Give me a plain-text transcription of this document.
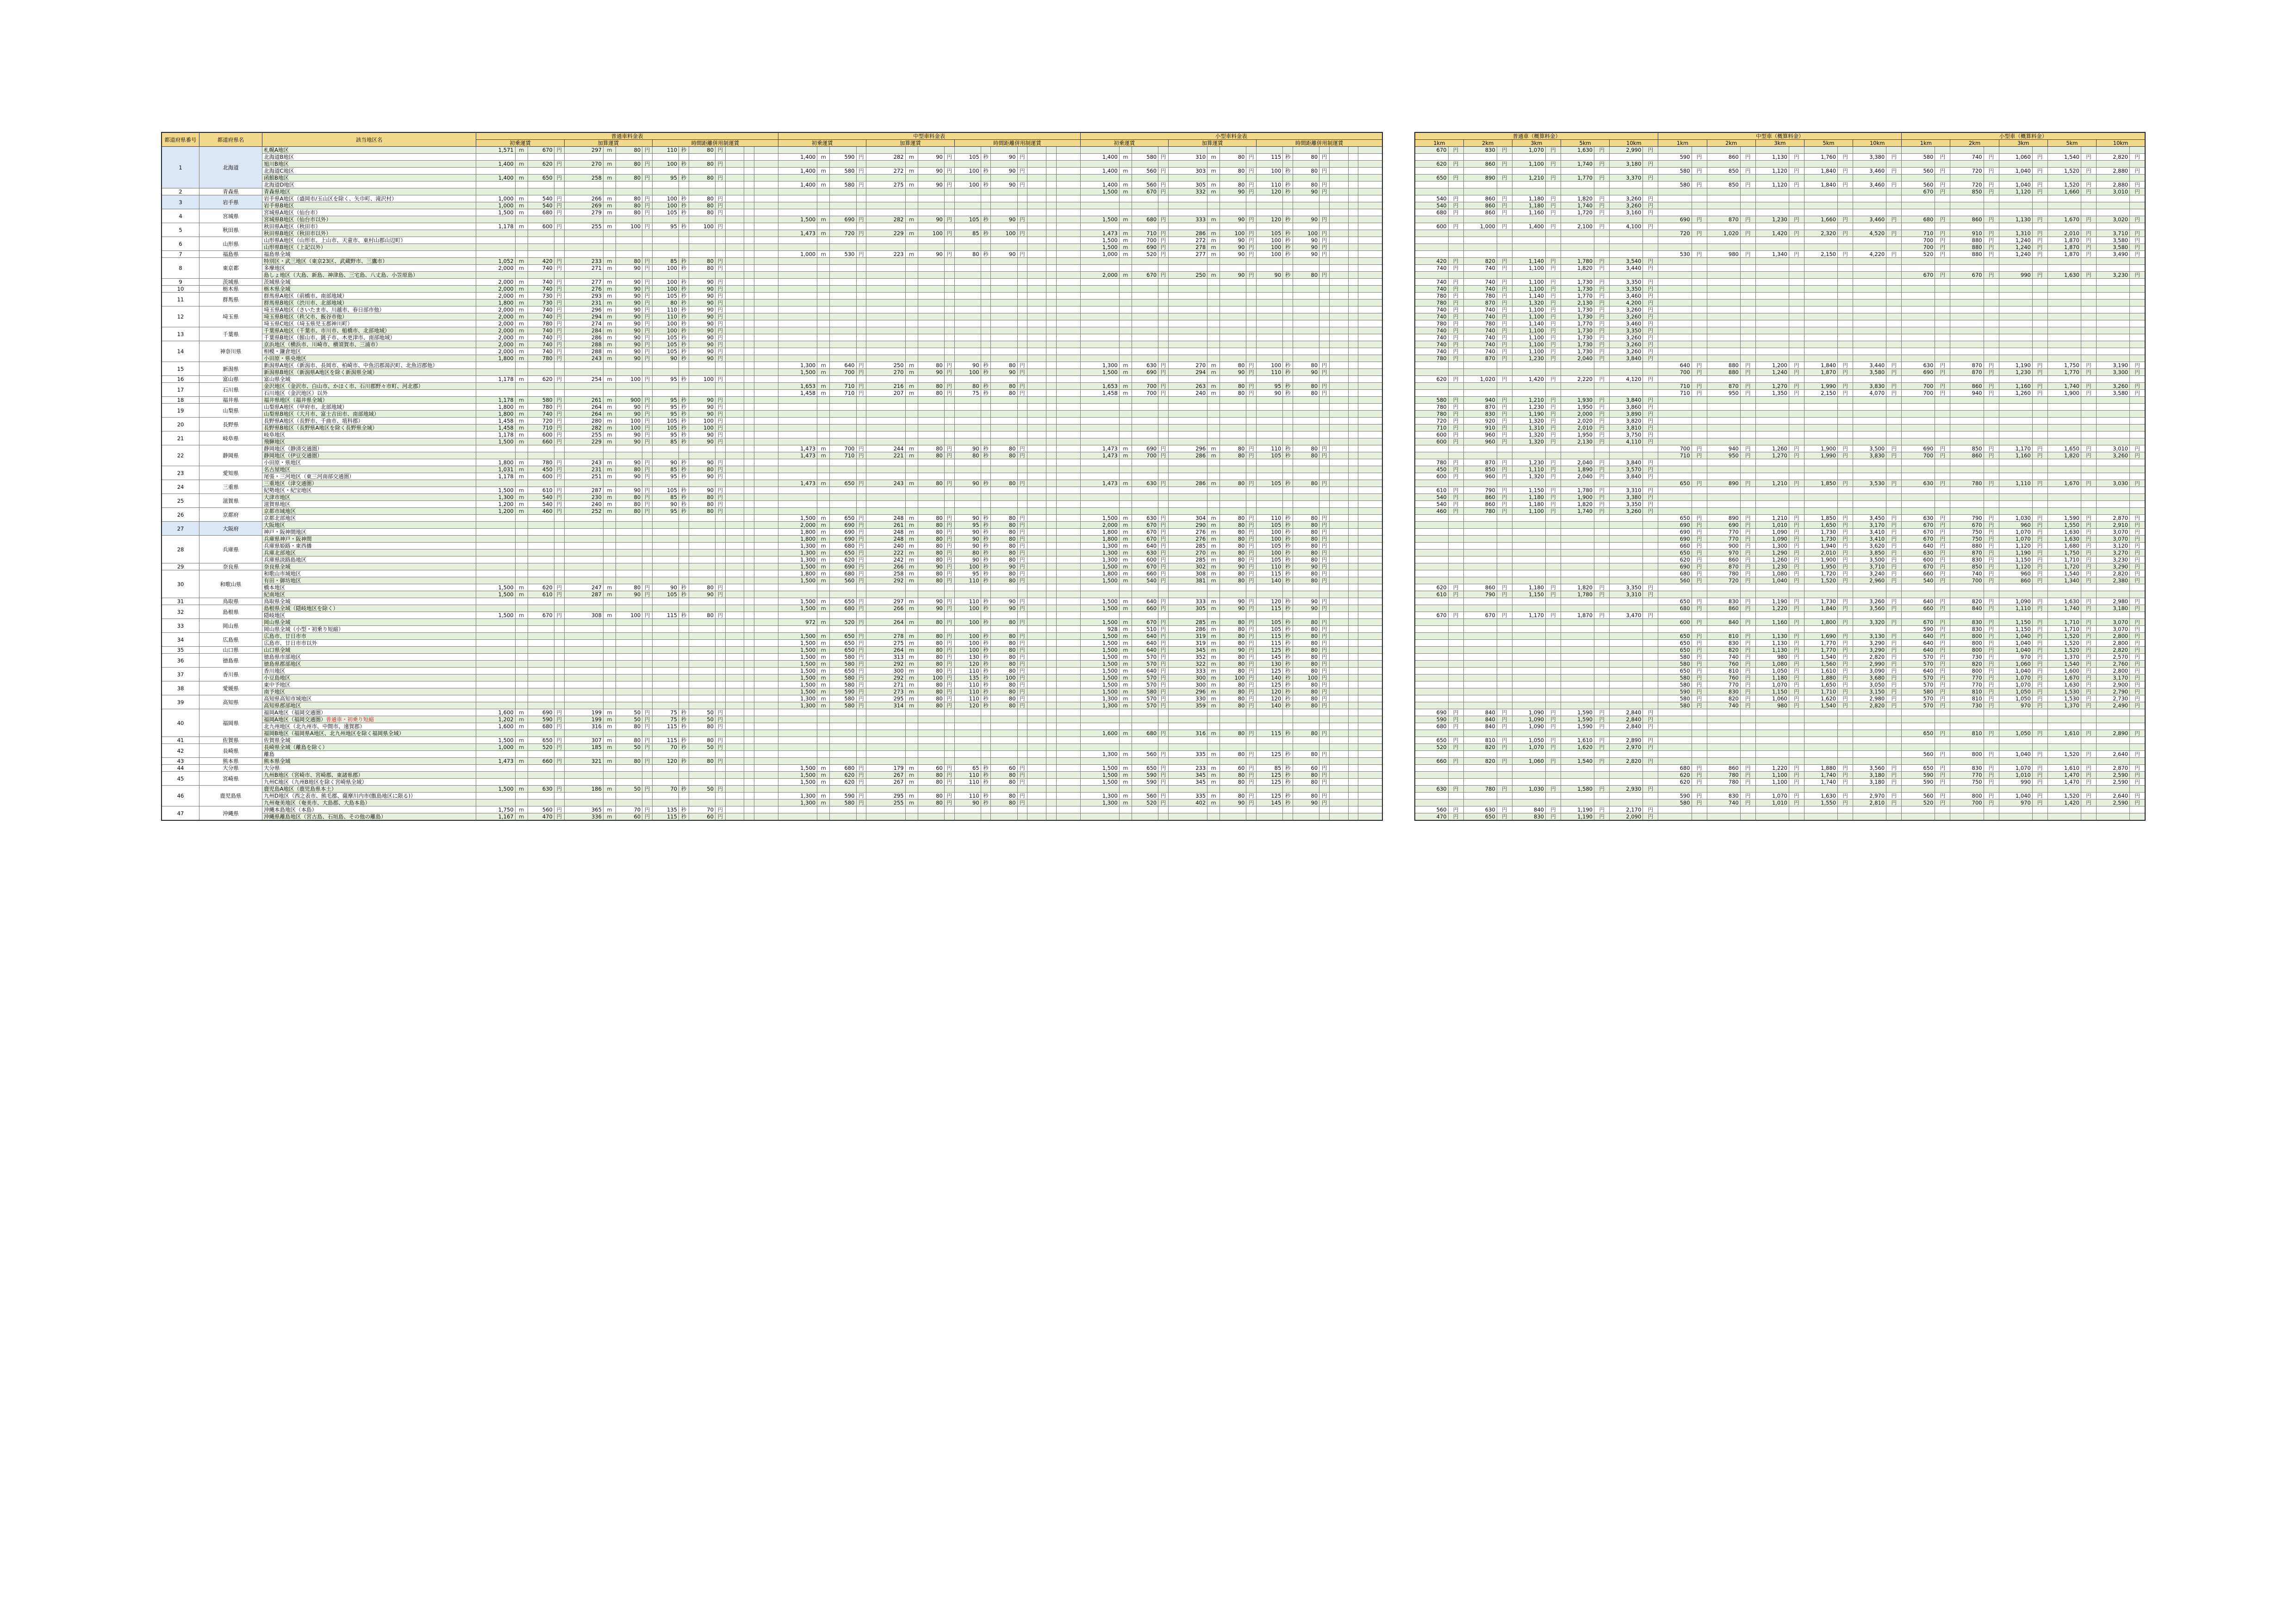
都道府県番号	都道府県名	該当地区名	普通車料金表															中型車料金表															小型車料金表														
			初乗運賃				加算運賃				時間距離併用制運賃							初乗運賃				加算運賃				時間距離併用制運賃							初乗運賃				加算運賃				時間距離併用制運賃						
1	北海道	札幌A地区	1,571	m	670	円	297	m	80	円	110	秒	80	円																																	
		北海道B地区																1,400	m	590	円	282	m	90	円	105	秒	90	円				1,400	m	580	円	310	m	80	円	115	秒	80	円			
		旭川B地区	1,400	m	620	円	270	m	80	円	100	秒	80	円																																	
		北海道C地区																1,400	m	580	円	272	m	90	円	100	秒	90	円				1,400	m	560	円	303	m	80	円	100	秒	80	円			
		函館B地区	1,400	m	650	円	258	m	80	円	95	秒	80	円																																	
		北海道D地区																1,400	m	580	円	275	m	90	円	100	秒	90	円				1,400	m	560	円	305	m	80	円	110	秒	80	円			
2	青森県	青森県地区																															1,500	m	670	円	332	m	90	円	120	秒	90	円			
3	岩手県	岩手県A地区（盛岡市/玉山区を除く、矢巾町、滝沢村）	1,000	m	540	円	266	m	80	円	100	秒	80	円																																	
		岩手県B地区	1,000	m	540	円	269	m	80	円	100	秒	80	円																																	
4	宮城県	宮城県A地区（仙台市）	1,500	m	680	円	279	m	80	円	105	秒	80	円																																	
		宮城県B地区（仙台市以外）																1,500	m	690	円	282	m	90	円	105	秒	90	円				1,500	m	680	円	333	m	90	円	120	秒	90	円			
5	秋田県	秋田県A地区（秋田市）	1,178	m	600	円	255	m	100	円	95	秒	100	円																																	
		秋田県B地区（秋田市以外）																1,473	m	720	円	229	m	100	円	85	秒	100	円				1,473	m	710	円	286	m	100	円	105	秒	100	円			
6	山形県	山形県A地区（山形市、上山市、天童市、東村山郡山辺町）																															1,500	m	700	円	272	m	90	円	100	秒	90	円			
		山形県B地区（上記以外）																															1,500	m	690	円	278	m	90	円	100	秒	90	円			
7	福島県	福島県全域																1,000	m	530	円	223	m	90	円	80	秒	90	円				1,000	m	520	円	277	m	90	円	100	秒	90	円			
8	東京都	特別区・武三地区（東京23区、武蔵野市、三鷹市）	1,052	m	420	円	233	m	80	円	85	秒	80	円																																	
		多摩地区	2,000	m	740	円	271	m	90	円	100	秒	80	円																																	
		島しょ地区（大島、新島、神津島、三宅島、八丈島、小笠原島）																															2,000	m	670	円	250	m	90	円	90	秒	80	円			
9	茨城県	茨城県全域	2,000	m	740	円	277	m	90	円	100	秒	90	円																																	
10	栃木県	栃木県全域	2,000	m	740	円	276	m	90	円	100	秒	90	円																																	
11	群馬県	群馬県A地区（前橋市、南部地域）	2,000	m	730	円	293	m	90	円	105	秒	90	円																																	
		群馬県B地区（渋川市、北部地域）	1,800	m	730	円	231	m	90	円	80	秒	90	円																																	
12	埼玉県	埼玉県A地区（さいたま市、川越市、春日部市他）	2,000	m	740	円	296	m	90	円	110	秒	90	円																																	
		埼玉県B地区（秩父市、飯谷市他）	2,000	m	740	円	294	m	90	円	110	秒	90	円																																	
		埼玉県C地区（埼玉県児玉郡神川町）	2,000	m	780	円	274	m	90	円	100	秒	90	円																																	
13	千葉県	千葉県A地区（千葉市、市川市、船橋市、北部地域）	2,000	m	740	円	284	m	90	円	100	秒	90	円																																	
		千葉県B地区（館山市、銚子市、木更津市、南部地域）	2,000	m	740	円	286	m	90	円	105	秒	90	円																																	
14	神奈川県	京浜地区（横浜市、川崎市、横須賀市、三浦市）	2,000	m	740	円	288	m	90	円	105	秒	90	円																																	
		相模・鎌倉地区	2,000	m	740	円	288	m	90	円	105	秒	90	円																																	
		小田原・県央地区	1,800	m	780	円	243	m	90	円	90	秒	90	円																																	
15	新潟県	新潟県A地区（新潟市、長岡市、柏崎市、中魚沼郡湯沢町、北魚沼郡他）																1,300	m	640	円	250	m	80	円	90	秒	80	円				1,300	m	630	円	270	m	80	円	100	秒	80	円			
		新潟県B地区（新潟県A地区を除く新潟県全域）																1,500	m	700	円	270	m	90	円	100	秒	90	円				1,500	m	690	円	294	m	90	円	110	秒	90	円			
16	富山県	富山県全域	1,178	m	620	円	254	m	100	円	95	秒	100	円																																	
17	石川県	金沢地区（金沢市、白山市、かほく市、石川郡野々市町、河北郡）																1,653	m	710	円	216	m	80	円	80	秒	80	円				1,653	m	700	円	263	m	80	円	95	秒	80	円			
		石川地区（金沢地区）以外																1,458	m	710	円	207	m	80	円	75	秒	80	円				1,458	m	700	円	240	m	80	円	90	秒	80	円			
18	福井県	福井県地区（福井県全域）	1,178	m	580	円	261	m	900	円	95	秒	90	円																																	
19	山梨県	山梨県A地区（甲府市、北部地域）	1,800	m	780	円	264	m	90	円	95	秒	90	円																																	
		山梨県B地区（大月市、富士吉田市、南部地域）	1,800	m	740	円	264	m	90	円	95	秒	90	円																																	
20	長野県	長野県A地区（長野市、千曲市、埴科郡）	1,458	m	720	円	280	m	100	円	105	秒	100	円																																	
		長野県B地区（長野県A地区を除く長野県全域）	1,458	m	710	円	282	m	100	円	105	秒	100	円																																	
21	岐阜県	岐阜地区	1,178	m	600	円	255	m	90	円	95	秒	90	円																																	
		飛騨地区	1,500	m	660	円	229	m	90	円	85	秒	90	円																																	
22	静岡県	静岡地区（静清交通圏）																1,473	m	700	円	244	m	80	円	90	秒	80	円				1,473	m	690	円	296	m	80	円	110	秒	80	円			
		静岡地区（伊豆交通圏）																1,473	m	710	円	221	m	80	円	80	秒	80	円				1,473	m	700	円	286	m	80	円	105	秒	80	円			
		小田原・県地区	1,800	m	780	円	243	m	90	円	90	秒	90	円																																	
23	愛知県	名古屋地区	1,031	m	450	円	231	m	80	円	85	秒	80	円																																	
		尾張・三河地区（東三河南部交通圏）	1,178	m	600	円	251	m	90	円	95	秒	90	円																																	
24	三重県	三重地区（津交通圏）																1,473	m	650	円	243	m	80	円	90	秒	80	円				1,473	m	630	円	286	m	80	円	105	秒	80	円			
		紀勢地区・紀宝地区	1,500	m	610	円	287	m	90	円	105	秒	90	円																																	
25	滋賀県	大津市地区	1,300	m	540	円	230	m	80	円	85	秒	80	円																																	
		滋賀県地区	1,200	m	540	円	240	m	80	円	90	秒	80	円																																	
26	京都府	京都市域地区	1,200	m	460	円	252	m	80	円	95	秒	80	円																																	
		京都北部地区																1,500	m	650	円	248	m	80	円	90	秒	80	円				1,500	m	630	円	304	m	80	円	110	秒	80	円			
27	大阪府	大阪地区																2,000	m	690	円	261	m	80	円	95	秒	80	円				2,000	m	670	円	290	m	80	円	105	秒	80	円			
		神戸・阪神間地区																1,800	m	690	円	248	m	80	円	90	秒	80	円				1,800	m	670	円	276	m	80	円	100	秒	80	円			
28	兵庫県	兵庫県神戸・阪神間																1,800	m	690	円	248	m	80	円	90	秒	80	円				1,800	m	670	円	276	m	80	円	100	秒	80	円			
		兵庫県姫路・東西播																1,300	m	680	円	240	m	80	円	90	秒	80	円				1,300	m	640	円	285	m	80	円	105	秒	80	円			
		兵庫北部地区																1,300	m	650	円	222	m	80	円	80	秒	80	円				1,300	m	630	円	270	m	80	円	100	秒	80	円			
		兵庫県淡路島地区																1,300	m	620	円	242	m	80	円	90	秒	80	円				1,300	m	600	円	285	m	80	円	105	秒	80	円			
29	奈良県	奈良県全域																1,500	m	690	円	266	m	90	円	100	秒	90	円				1,500	m	670	円	302	m	90	円	110	秒	90	円			
30	和歌山県	和歌山市域地区																1,800	m	680	円	258	m	80	円	95	秒	80	円				1,800	m	660	円	308	m	80	円	115	秒	80	円			
		有田・御坊地区																1,500	m	560	円	292	m	80	円	110	秒	80	円				1,500	m	540	円	381	m	80	円	140	秒	80	円			
		橋本地区	1,500	m	620	円	247	m	80	円	90	秒	80	円																																	
		紀南地区	1,500	m	610	円	287	m	90	円	105	秒	90	円																																	
31	鳥取県	鳥取県全域																1,500	m	650	円	297	m	90	円	110	秒	90	円				1,500	m	640	円	333	m	90	円	120	秒	90	円			
32	島根県	島根県全域（隠岐地区を除く）																1,500	m	680	円	266	m	90	円	100	秒	90	円				1,500	m	660	円	305	m	90	円	115	秒	90	円			
		隠岐地区	1,500	m	670	円	308	m	100	円	115	秒	80	円																																	
33	岡山県	岡山県全域																972	m	520	円	264	m	80	円	100	秒	80	円				1,500	m	670	円	285	m	80	円	105	秒	80	円			
		岡山県全域（小型・初乗り短縮）																															928	m	510	円	286	m	80	円	105	秒	80	円			
34	広島県	広島市、廿日市市																1,500	m	650	円	278	m	80	円	100	秒	80	円				1,500	m	640	円	319	m	80	円	115	秒	80	円			
		広島市、廿日市市以外																1,500	m	650	円	275	m	80	円	100	秒	80	円				1,500	m	640	円	319	m	80	円	115	秒	80	円			
35	山口県	山口県全域																1,500	m	650	円	264	m	80	円	100	秒	80	円				1,500	m	640	円	345	m	90	円	125	秒	80	円			
36	徳島県	徳島県市部地区																1,500	m	580	円	313	m	80	円	130	秒	80	円				1,500	m	570	円	352	m	80	円	145	秒	80	円			
		徳島県郡部地区																1,500	m	580	円	292	m	80	円	120	秒	80	円				1,500	m	570	円	322	m	80	円	130	秒	80	円			
37	香川県	香川地区																1,500	m	650	円	300	m	80	円	110	秒	80	円				1,500	m	640	円	333	m	80	円	125	秒	80	円			
		小豆島地区																1,500	m	580	円	292	m	100	円	135	秒	100	円				1,500	m	570	円	300	m	100	円	140	秒	100	円			
38	愛媛県	東中予地区																1,500	m	580	円	271	m	80	円	110	秒	80	円				1,500	m	570	円	300	m	80	円	125	秒	80	円			
		南予地区																1,500	m	590	円	273	m	80	円	110	秒	80	円				1,500	m	580	円	296	m	80	円	120	秒	80	円			
39	高知県	高知県高知市域地区																1,300	m	580	円	295	m	80	円	110	秒	80	円				1,300	m	570	円	330	m	80	円	120	秒	80	円			
		高知県郡部地区																1,300	m	580	円	314	m	80	円	120	秒	80	円				1,300	m	570	円	359	m	80	円	140	秒	80	円			
40	福岡県	福岡A地区（福岡交通圏）	1,600	m	690	円	199	m	50	円	75	秒	50	円																																	
		福岡A地区（福岡交通圏）普通車・初乗り短縮	1,202	m	590	円	199	m	50	円	75	秒	50	円																																	
		北九州地区（北九州市、中間市、遠賀郡）	1,600	m	680	円	316	m	80	円	115	秒	80	円																																	
		福岡B地区（福岡県A地区、北九州地区を除く福岡県全域）																															1,600	m	680	円	316	m	80	円	115	秒	80	円			
41	佐賀県	佐賀県全域	1,500	m	650	円	307	m	80	円	115	秒	80	円																																	
42	長崎県	長崎県全域（離島を除く）	1,000	m	520	円	185	m	50	円	70	秒	50	円																																	
		離島																															1,300	m	560	円	335	m	80	円	125	秒	80	円			
43	熊本県	熊本県全域	1,473	m	660	円	321	m	80	円	120	秒	80	円																																	
44	大分県	大分県																1,500	m	680	円	179	m	60	円	65	秒	60	円				1,500	m	650	円	233	m	60	円	85	秒	60	円			
45	宮崎県	九州B地区（宮崎市、宮崎郡、東諸県郡）																1,500	m	620	円	267	m	80	円	110	秒	80	円				1,500	m	590	円	345	m	80	円	125	秒	80	円			
		九州C地区（九州B地区を除く宮崎県全域）																1,500	m	620	円	267	m	80	円	110	秒	80	円				1,500	m	590	円	345	m	80	円	125	秒	80	円			
46	鹿児島県	鹿児島A地区（鹿児島県本土）	1,500	m	630	円	186	m	50	円	70	秒	50	円																																	
		九州D地区（西之表市、熊毛郡、薩摩川内市(甑島地区に限る)）																1,300	m	590	円	295	m	80	円	110	秒	80	円				1,300	m	560	円	335	m	80	円	125	秒	80	円			
		九州奄美地区（奄美市、大島郡、大島本島）																1,300	m	580	円	255	m	80	円	90	秒	80	円				1,300	m	520	円	402	m	90	円	145	秒	90	円			
47	沖縄県	沖縄本島地区（本島）	1,750	m	560	円	365	m	70	円	135	秒	70	円																																	
		沖縄県離島地区（宮古島、石垣島、その他の離島）	1,167	m	470	円	336	m	60	円	115	秒	60	円																																	
普通車（概算料金）										中型車（概算料金）										小型車（概算料金）									
1km		2km		3km		5km		10km		1km		2km		3km		5km		10km		1km		2km		3km		5km		10km	
670	円	830	円	1,070	円	1,630	円	2,990	円																				
										590	円	860	円	1,130	円	1,760	円	3,380	円	580	円	740	円	1,060	円	1,540	円	2,820	円
620	円	860	円	1,100	円	1,740	円	3,180	円																				
										580	円	850	円	1,120	円	1,840	円	3,460	円	560	円	720	円	1,040	円	1,520	円	2,880	円
650	円	890	円	1,210	円	1,770	円	3,370	円																				
										580	円	850	円	1,120	円	1,840	円	3,460	円	560	円	720	円	1,040	円	1,520	円	2,880	円
																				670	円	850	円	1,120	円	1,660	円	3,010	円
540	円	860	円	1,180	円	1,820	円	3,260	円																				
540	円	860	円	1,180	円	1,740	円	3,260	円																				
680	円	860	円	1,160	円	1,720	円	3,160	円																				
										690	円	870	円	1,230	円	1,660	円	3,460	円	680	円	860	円	1,130	円	1,670	円	3,020	円
600	円	1,000	円	1,400	円	2,100	円	4,100	円																				
										720	円	1,020	円	1,420	円	2,320	円	4,520	円	710	円	910	円	1,310	円	2,010	円	3,710	円
																				700	円	880	円	1,240	円	1,870	円	3,580	円
																				700	円	880	円	1,240	円	1,870	円	3,580	円
										530	円	980	円	1,340	円	2,150	円	4,220	円	520	円	880	円	1,240	円	1,870	円	3,490	円
420	円	820	円	1,140	円	1,780	円	3,540	円																				
740	円	740	円	1,100	円	1,820	円	3,440	円																				
																				670	円	670	円	990	円	1,630	円	3,230	円
740	円	740	円	1,100	円	1,730	円	3,350	円																				
740	円	740	円	1,100	円	1,730	円	3,350	円																				
780	円	780	円	1,140	円	1,770	円	3,460	円																				
780	円	870	円	1,320	円	2,130	円	4,200	円																				
740	円	740	円	1,100	円	1,730	円	3,260	円																				
740	円	740	円	1,100	円	1,730	円	3,260	円																				
780	円	780	円	1,140	円	1,770	円	3,460	円																				
740	円	740	円	1,100	円	1,730	円	3,350	円																				
740	円	740	円	1,100	円	1,730	円	3,260	円																				
740	円	740	円	1,100	円	1,730	円	3,260	円																				
740	円	740	円	1,100	円	1,730	円	3,260	円																				
780	円	870	円	1,230	円	2,040	円	3,840	円																				
										640	円	880	円	1,200	円	1,840	円	3,440	円	630	円	870	円	1,190	円	1,750	円	3,190	円
										700	円	880	円	1,240	円	1,870	円	3,580	円	690	円	870	円	1,230	円	1,770	円	3,300	円
620	円	1,020	円	1,420	円	2,220	円	4,120	円																				
										710	円	870	円	1,270	円	1,990	円	3,830	円	700	円	860	円	1,160	円	1,740	円	3,260	円
										710	円	950	円	1,350	円	2,150	円	4,070	円	700	円	940	円	1,260	円	1,900	円	3,580	円
580	円	940	円	1,210	円	1,930	円	3,840	円																				
780	円	870	円	1,230	円	1,950	円	3,860	円																				
780	円	830	円	1,190	円	2,000	円	3,890	円																				
720	円	920	円	1,320	円	2,020	円	3,820	円																				
710	円	910	円	1,310	円	2,010	円	3,810	円																				
600	円	960	円	1,320	円	1,950	円	3,750	円																				
600	円	960	円	1,320	円	2,130	円	4,110	円																				
										700	円	940	円	1,260	円	1,900	円	3,500	円	690	円	850	円	1,170	円	1,650	円	3,010	円
										710	円	950	円	1,270	円	1,990	円	3,830	円	700	円	860	円	1,160	円	1,820	円	3,260	円
780	円	870	円	1,230	円	2,040	円	3,840	円																				
450	円	850	円	1,110	円	1,890	円	3,570	円																				
600	円	960	円	1,320	円	2,040	円	3,840	円																				
										650	円	890	円	1,210	円	1,850	円	3,530	円	630	円	780	円	1,110	円	1,670	円	3,030	円
610	円	790	円	1,150	円	1,780	円	3,310	円																				
540	円	860	円	1,180	円	1,900	円	3,380	円																				
540	円	860	円	1,180	円	1,820	円	3,350	円																				
460	円	780	円	1,100	円	1,740	円	3,260	円																				
										650	円	890	円	1,210	円	1,850	円	3,450	円	630	円	790	円	1,030	円	1,590	円	2,870	円
										690	円	690	円	1,010	円	1,650	円	3,170	円	670	円	670	円	960	円	1,550	円	2,910	円
										690	円	770	円	1,090	円	1,730	円	3,410	円	670	円	750	円	1,070	円	1,630	円	3,070	円
										690	円	770	円	1,090	円	1,730	円	3,410	円	670	円	750	円	1,070	円	1,630	円	3,070	円
										660	円	900	円	1,300	円	1,940	円	3,620	円	640	円	880	円	1,120	円	1,680	円	3,120	円
										650	円	970	円	1,290	円	2,010	円	3,850	円	630	円	870	円	1,190	円	1,750	円	3,270	円
										620	円	860	円	1,260	円	1,900	円	3,500	円	600	円	830	円	1,150	円	1,710	円	3,230	円
										690	円	870	円	1,230	円	1,950	円	3,710	円	670	円	850	円	1,120	円	1,720	円	3,290	円
										680	円	780	円	1,080	円	1,720	円	3,240	円	660	円	740	円	960	円	1,540	円	2,820	円
										560	円	720	円	1,040	円	1,520	円	2,960	円	540	円	700	円	860	円	1,340	円	2,380	円
620	円	860	円	1,180	円	1,820	円	3,350	円																				
610	円	790	円	1,150	円	1,780	円	3,310	円																				
										650	円	830	円	1,190	円	1,730	円	3,260	円	640	円	820	円	1,090	円	1,630	円	2,980	円
										680	円	860	円	1,220	円	1,840	円	3,560	円	660	円	840	円	1,110	円	1,740	円	3,180	円
670	円	670	円	1,170	円	1,870	円	3,470	円																				
										600	円	840	円	1,160	円	1,800	円	3,320	円	670	円	830	円	1,150	円	1,710	円	3,070	円
																				590	円	830	円	1,150	円	1,710	円	3,070	円
										650	円	810	円	1,130	円	1,690	円	3,130	円	640	円	800	円	1,040	円	1,520	円	2,800	円
										650	円	830	円	1,130	円	1,770	円	3,290	円	640	円	800	円	1,040	円	1,520	円	2,800	円
										650	円	820	円	1,130	円	1,770	円	3,290	円	640	円	800	円	1,040	円	1,520	円	2,820	円
										580	円	740	円	980	円	1,540	円	2,820	円	570	円	730	円	970	円	1,370	円	2,570	円
										580	円	760	円	1,080	円	1,560	円	2,990	円	570	円	820	円	1,060	円	1,540	円	2,760	円
										650	円	810	円	1,050	円	1,610	円	3,090	円	640	円	800	円	1,040	円	1,600	円	2,800	円
										580	円	760	円	1,180	円	1,880	円	3,680	円	570	円	770	円	1,070	円	1,670	円	3,170	円
										580	円	770	円	1,070	円	1,650	円	3,050	円	570	円	770	円	1,070	円	1,630	円	2,900	円
										590	円	830	円	1,150	円	1,710	円	3,150	円	580	円	810	円	1,050	円	1,530	円	2,790	円
										580	円	820	円	1,060	円	1,620	円	2,980	円	570	円	810	円	1,050	円	1,530	円	2,730	円
										580	円	740	円	980	円	1,540	円	2,820	円	570	円	730	円	970	円	1,370	円	2,490	円
690	円	840	円	1,090	円	1,590	円	2,840	円																				
590	円	840	円	1,090	円	1,590	円	2,840	円																				
680	円	840	円	1,090	円	1,590	円	2,840	円																				
																				650	円	810	円	1,050	円	1,610	円	2,890	円
650	円	810	円	1,050	円	1,610	円	2,890	円																				
520	円	820	円	1,070	円	1,620	円	2,970	円																				
																				560	円	800	円	1,040	円	1,520	円	2,640	円
660	円	820	円	1,060	円	1,540	円	2,820	円																				
										680	円	860	円	1,220	円	1,880	円	3,560	円	650	円	830	円	1,070	円	1,610	円	2,870	円
										620	円	780	円	1,100	円	1,740	円	3,180	円	590	円	770	円	1,010	円	1,470	円	2,590	円
										620	円	780	円	1,100	円	1,740	円	3,180	円	590	円	750	円	990	円	1,470	円	2,590	円
630	円	780	円	1,030	円	1,580	円	2,930	円																				
										590	円	830	円	1,070	円	1,630	円	2,970	円	560	円	800	円	1,040	円	1,520	円	2,640	円
										580	円	740	円	1,010	円	1,550	円	2,810	円	520	円	700	円	970	円	1,420	円	2,590	円
560	円	630	円	840	円	1,190	円	2,170	円																				
470	円	650	円	830	円	1,190	円	2,090	円																				
